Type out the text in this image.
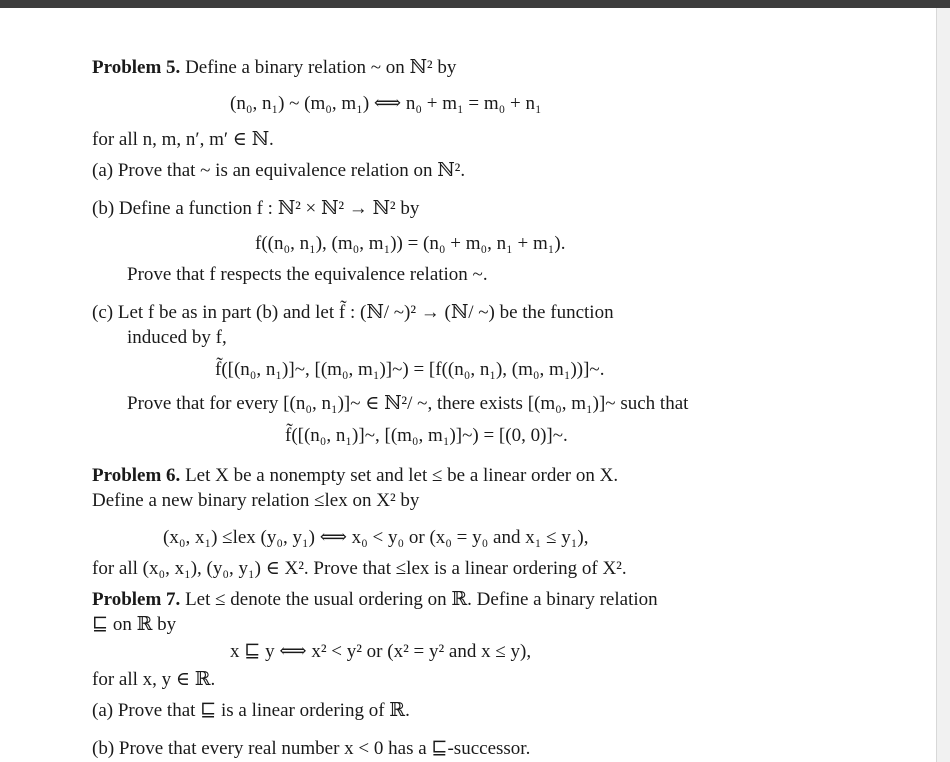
Problem 5. Define a binary relation ~ on ℕ² by
(n₀, n₁) ~ (m₀, m₁) ⟺ n₀ + m₁ = m₀ + n₁
for all n, m, n′, m′ ∈ ℕ.
(a) Prove that ~ is an equivalence relation on ℕ².
(b) Define a function f : ℕ² × ℕ² → ℕ² by
f((n₀, n₁), (m₀, m₁)) = (n₀ + m₀, n₁ + m₁).
Prove that f respects the equivalence relation ~.
(c) Let f be as in part (b) and let f̃ : (ℕ/ ~)² → (ℕ/ ~) be the function
induced by f,
f̃([(n₀, n₁)]~, [(m₀, m₁)]~) = [f((n₀, n₁), (m₀, m₁))]~.
Prove that for every [(n₀, n₁)]~ ∈ ℕ²/ ~, there exists [(m₀, m₁)]~ such that
f̃([(n₀, n₁)]~, [(m₀, m₁)]~) = [(0, 0)]~.
Problem 6. Let X be a nonempty set and let ≤ be a linear order on X.
Define a new binary relation ≤lex on X² by
(x₀, x₁) ≤lex (y₀, y₁) ⟺ x₀ < y₀ or (x₀ = y₀ and x₁ ≤ y₁),
for all (x₀, x₁), (y₀, y₁) ∈ X². Prove that ≤lex is a linear ordering of X².
Problem 7. Let ≤ denote the usual ordering on ℝ. Define a binary relation
⊑ on ℝ by
x ⊑ y ⟺ x² < y² or (x² = y² and x ≤ y),
for all x, y ∈ ℝ.
(a) Prove that ⊑ is a linear ordering of ℝ.
(b) Prove that every real number x < 0 has a ⊑-successor.
